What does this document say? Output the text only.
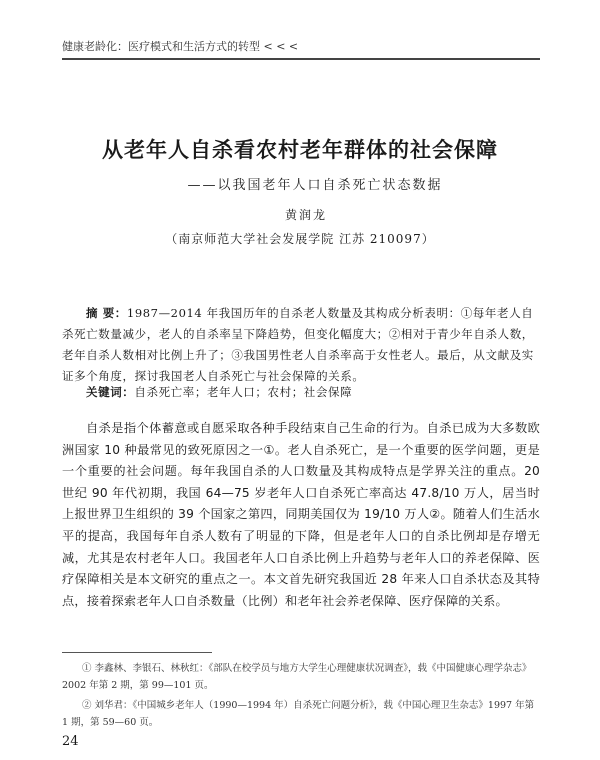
健康老龄化：医疗模式和生活方式的转型 < < <
从老年人自杀看农村老年群体的社会保障
——以我国老年人口自杀死亡状态数据
黄润龙
（南京师范大学社会发展学院 江苏 210097）

摘 要：1987—2014 年我国历年的自杀老人数量及其构成分析表明：①每年老人自杀死亡数量减少，老人的自杀率呈下降趋势，但变化幅度大；②相对于青少年自杀人数，老年自杀人数相对比例上升了；③我国男性老人自杀率高于女性老人。最后，从文献及实证多个角度，探讨我国老人自杀死亡与社会保障的关系。

关键词：自杀死亡率；老年人口；农村；社会保障

自杀是指个体蓄意或自愿采取各种手段结束自己生命的行为。自杀已成为大多数欧洲国家 10 种最常见的致死原因之一①。老人自杀死亡，是一个重要的医学问题，更是一个重要的社会问题。每年我国自杀的人口数量及其构成特点是学界关注的重点。20 世纪 90 年代初期，我国 64—75 岁老年人口自杀死亡率高达 47.8/10 万人，居当时上报世界卫生组织的 39 个国家之第四，同期美国仅为 19/10 万人②。随着人们生活水平的提高，我国每年自杀人数有了明显的下降，但是老年人口的自杀比例却是存增无减，尤其是农村老年人口。我国老年人口自杀比例上升趋势与老年人口的养老保障、医疗保障相关是本文研究的重点之一。本文首先研究我国近 28 年来人口自杀状态及其特点，接着探索老年人口自杀数量（比例）和老年社会养老保障、医疗保障的关系。

① 李鑫林、李银石、林秋红：《部队在校学员与地方大学生心理健康状况调查》，载《中国健康心理学杂志》2002 年第 2 期，第 99—101 页。

② 刘华君：《中国城乡老年人（1990—1994 年）自杀死亡问题分析》，载《中国心理卫生杂志》1997 年第 1 期，第 59—60 页。

24
